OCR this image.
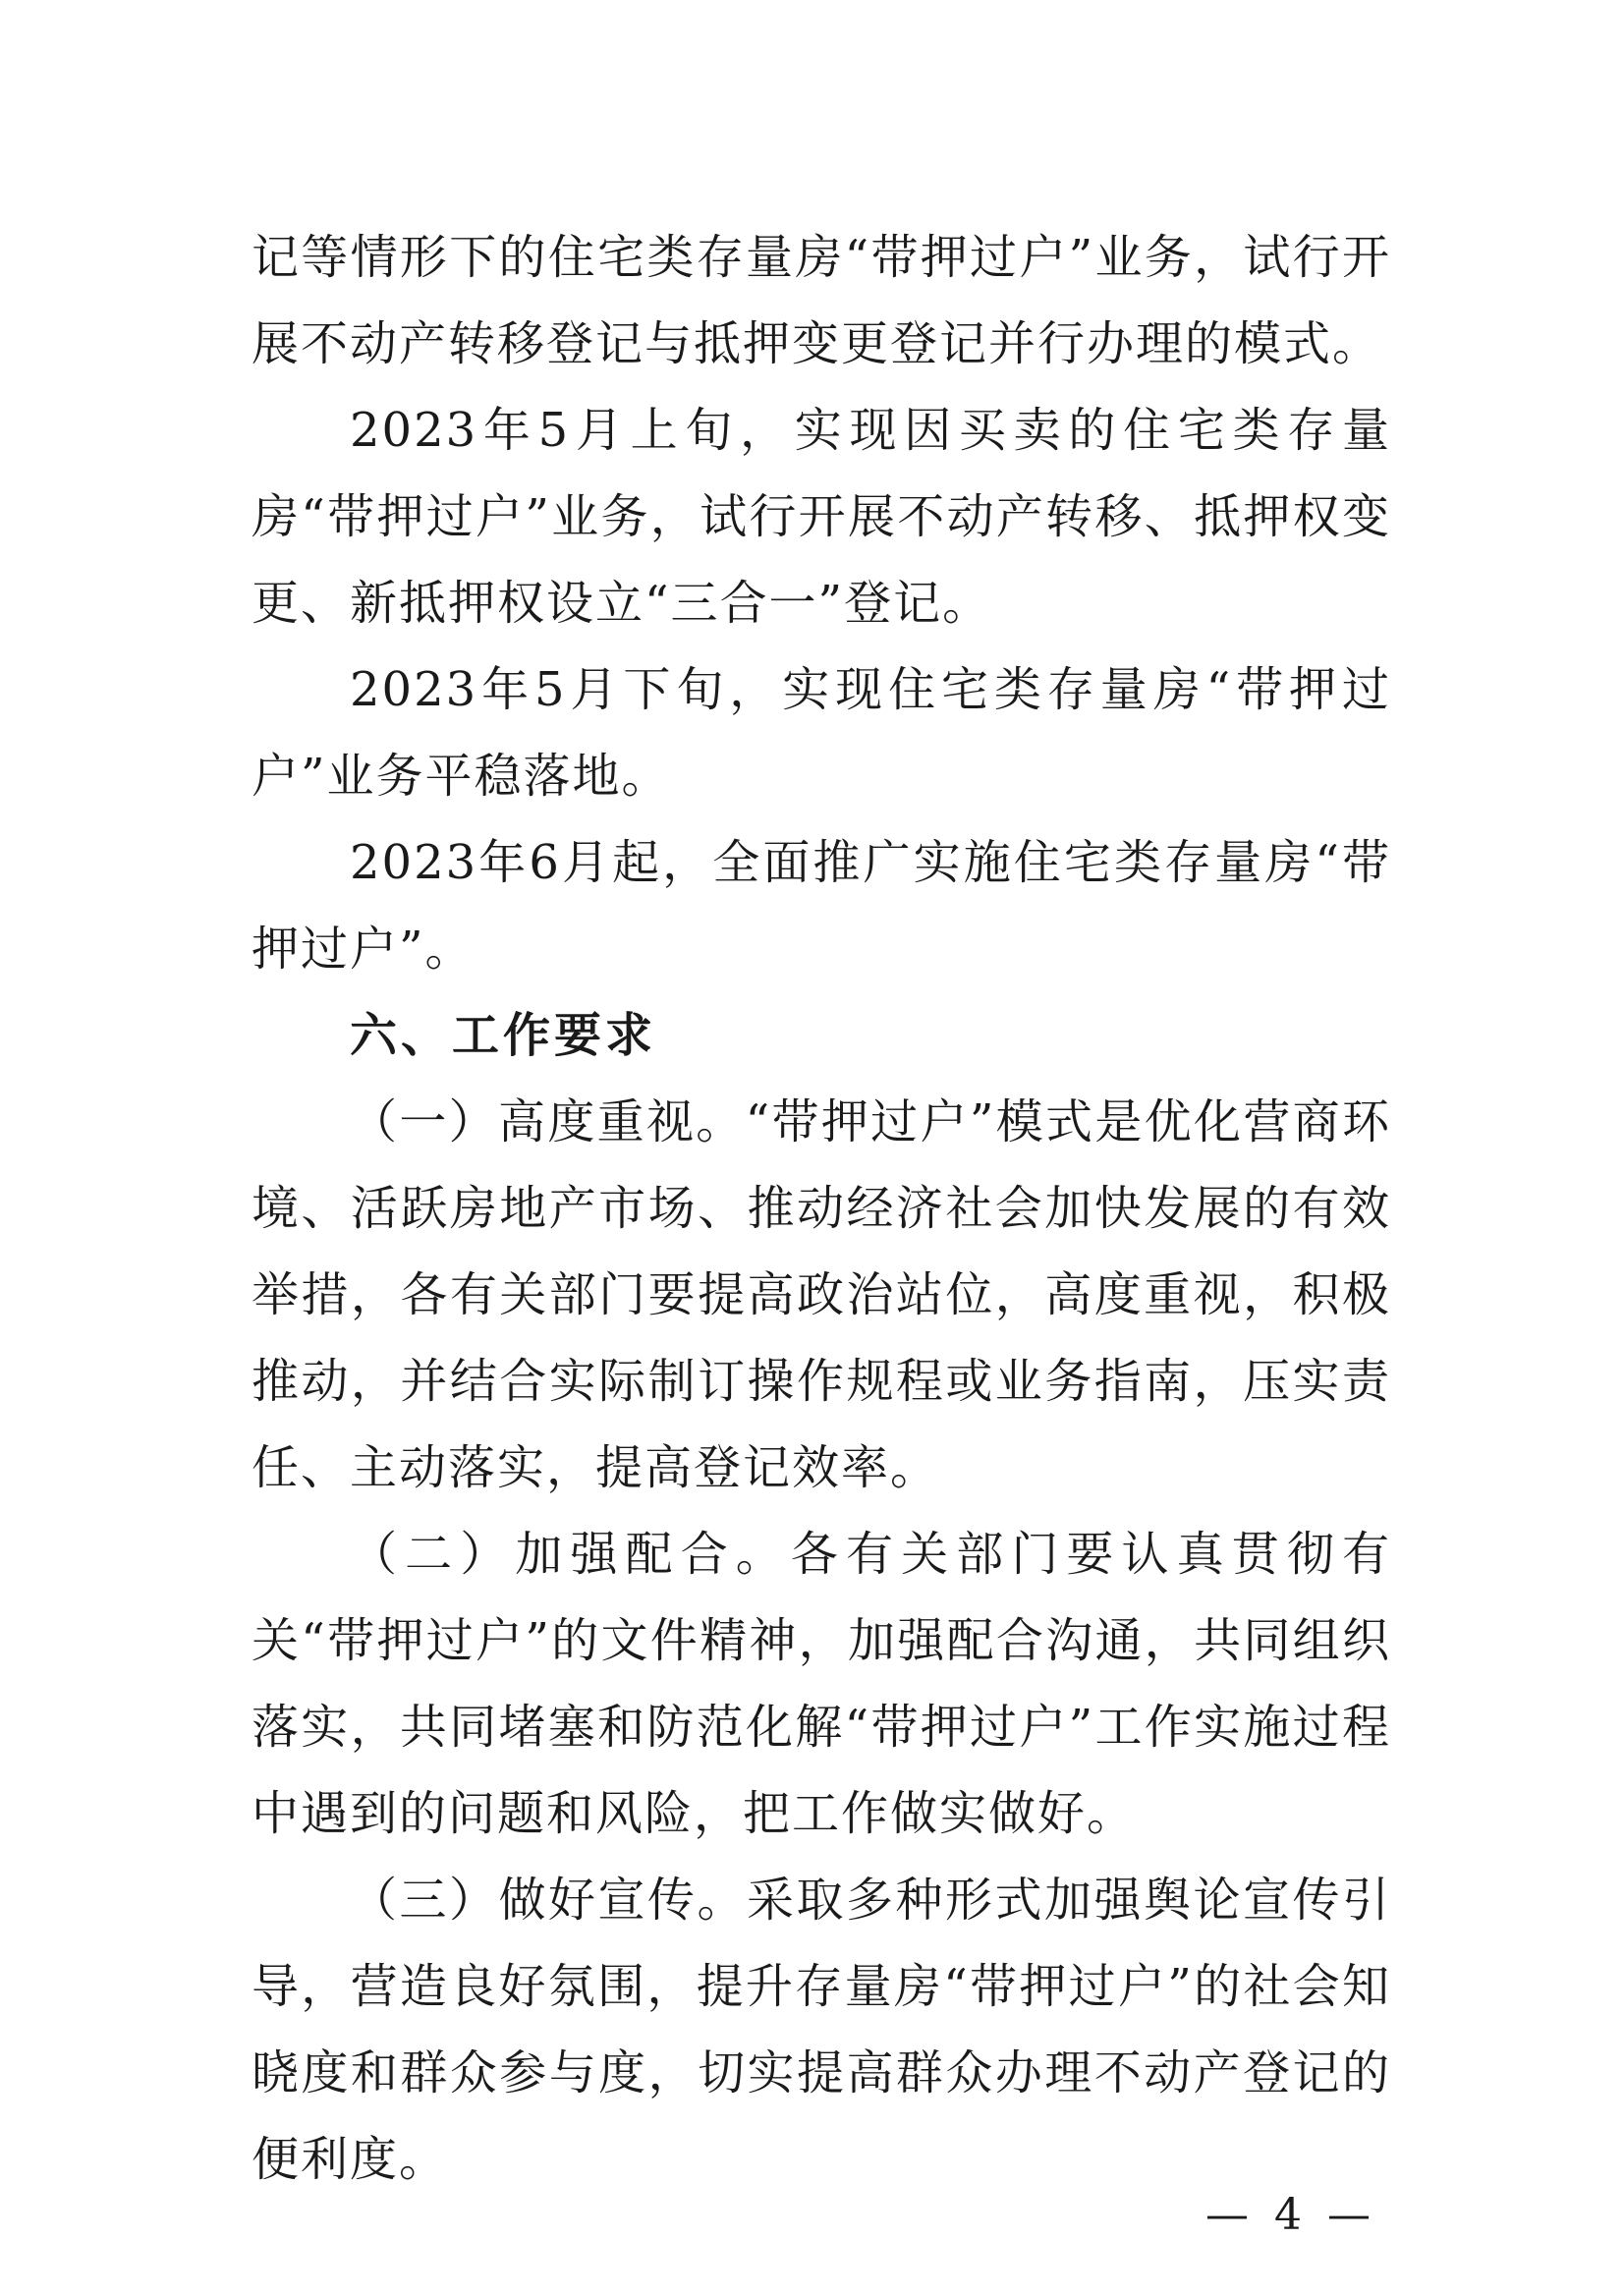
记等情形下的住宅类存量房“带押过户”业务，试行开展不动产转移登记与抵押变更登记并行办理的模式。

2023年5月上旬，实现因买卖的住宅类存量房“带押过户”业务，试行开展不动产转移、抵押权变更、新抵押权设立“三合一”登记。

2023年5月下旬，实现住宅类存量房“带押过户”业务平稳落地。

2023年6月起，全面推广实施住宅类存量房“带押过户”。

六、工作要求

（一）高度重视。“带押过户”模式是优化营商环境、活跃房地产市场、推动经济社会加快发展的有效举措，各有关部门要提高政治站位，高度重视，积极推动，并结合实际制订操作规程或业务指南，压实责任、主动落实，提高登记效率。

（二）加强配合。各有关部门要认真贯彻有关“带押过户”的文件精神，加强配合沟通，共同组织落实，共同堵塞和防范化解“带押过户”工作实施过程中遇到的问题和风险，把工作做实做好。

（三）做好宣传。采取多种形式加强舆论宣传引导，营造良好氛围，提升存量房“带押过户”的社会知晓度和群众参与度，切实提高群众办理不动产登记的便利度。

— 4 —
